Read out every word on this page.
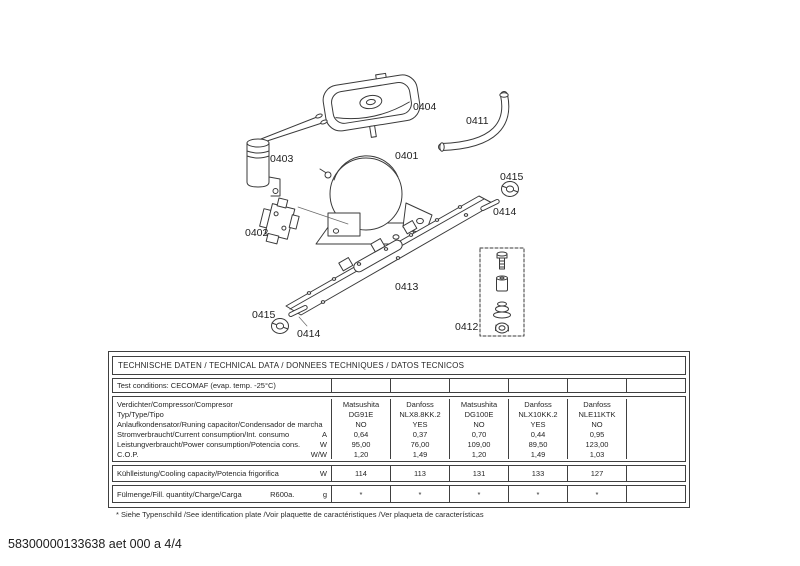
0404
0411
0403	0401
0415
0414
0402
0413
0415
0414
0412
TECHNISCHE DATEN / TECHNICAL DATA / DONNEES TECHNIQUES / DATOS TECNICOS
Test conditions: CECOMAF (evap. temp. -25°C)
Verdichter/Compressor/Compresor	Matsushita	Danfoss	Matsushita	Danfoss	Danfoss
Typ/Type/Tipo	DG91E	NLX8.8KK.2	DG100E	NLX10KK.2	NLE11KTK
Anlaufkondensator/Runing capacitor/Condensador de marcha	NO	YES	NO	YES	NO
Stromverbraucht/Current consumption/Int. consumo	A	0,64	0,37	0,70	0,44	0,95
Leistungverbraucht/Power consumption/Potencia cons.	W	95,00	76,00	109,00	89,50	123,00
C.O.P.	W/W	1,20	1,49	1,20	1,49	1,03
Kühlleistung/Cooling capacity/Potencia frigorifica	W	114	113	131	133	127
Fülmenge/Fill. quantity/Charge/Carga	R600a.	g	*	*	*	*	*
* Siehe Typenschild /See identification plate /Voir plaquette de caractéristiques /Ver plaqueta de características
58300000133638 aet 000 a 4/4
